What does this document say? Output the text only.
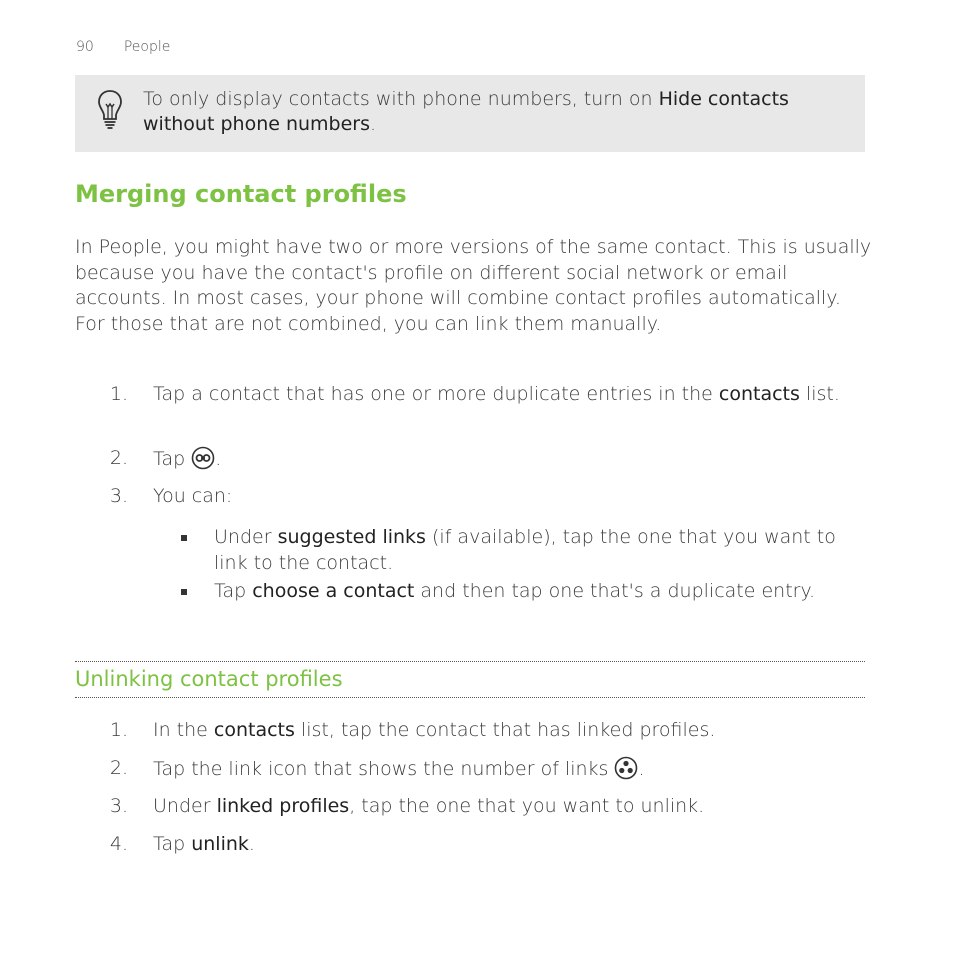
90 People
To only display contacts with phone numbers, turn on Hide contacts without phone numbers.
Merging contact profiles
In People, you might have two or more versions of the same contact. This is usually because you have the contact's profile on different social network or email accounts. In most cases, your phone will combine contact profiles automatically. For those that are not combined, you can link them manually.
1. Tap a contact that has one or more duplicate entries in the contacts list.
2. Tap .
3. You can:
Under suggested links (if available), tap the one that you want to link to the contact.
Tap choose a contact and then tap one that's a duplicate entry.
Unlinking contact profiles
1. In the contacts list, tap the contact that has linked profiles.
2. Tap the link icon that shows the number of links .
3. Under linked profiles, tap the one that you want to unlink.
4. Tap unlink.
